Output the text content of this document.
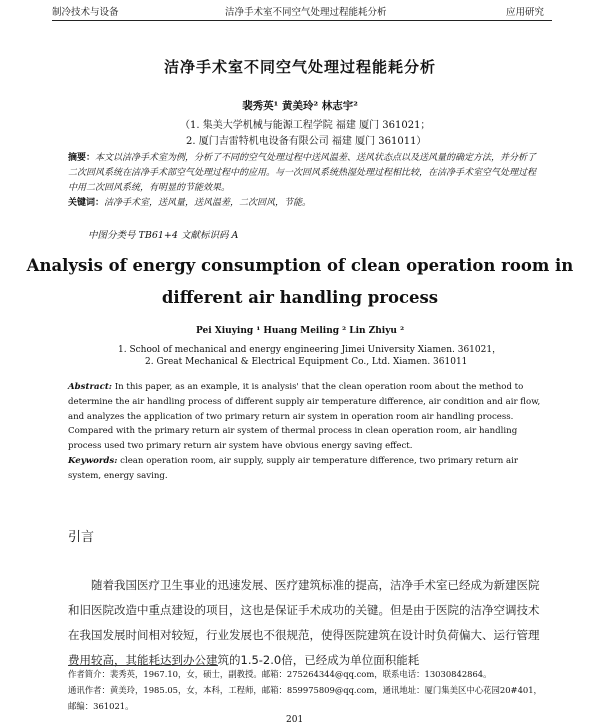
制冷技术与设备	洁净手术室不同空气处理过程能耗分析	应用研究
洁净手术室不同空气处理过程能耗分析
裴秀英¹ 黄美玲² 林志宇²
（1. 集美大学机械与能源工程学院 福建 厦门 361021；
2. 厦门吉雷特机电设备有限公司 福建 厦门 361011）
摘要：本文以洁净手术室为例，分析了不同的空气处理过程中送风温差、送风状态点以及送风量的确定方法，并分析了二次回风系统在洁净手术部空气处理过程中的应用。与一次回风系统热湿处理过程相比较，在洁净手术室空气处理过程中用二次回风系统，有明显的节能效果。
关键词：洁净手术室，送风量，送风温差，二次回风，节能。
中图分类号 TB61+4 文献标识码 A
Analysis of energy consumption of clean operation room in
different air handling process
Pei Xiuying ¹ Huang Meiling ² Lin Zhiyu ²
1. School of mechanical and energy engineering Jimei University Xiamen. 361021，
2. Great Mechanical & Electrical Equipment Co., Ltd. Xiamen. 361011
Abstract: In this paper, as an example, it is analysis' that the clean operation room about the method to determine the air handling process of different supply air temperature difference, air condition and air flow, and analyzes the application of two primary return air system in operation room air handling process. Compared with the primary return air system of thermal process in clean operation room, air handling process used two primary return air system have obvious energy saving effect.
Keywords: clean operation room, air supply, supply air temperature difference, two primary return air system, energy saving.
引言
随着我国医疗卫生事业的迅速发展、医疗建筑标准的提高，洁净手术室已经成为新建医院和旧医院改造中重点建设的项目，这也是保证手术成功的关键。但是由于医院的洁净空调技术在我国发展时间相对较短，行业发展也不很规范，使得医院建筑在设计时负荷偏大、运行管理费用较高，其能耗达到办公建筑的1.5-2.0倍，已经成为单位面积能耗
作者简介：裴秀英，1967.10，女，硕士，副教授。邮箱：275264344@qq.com，联系电话：13030842864。
通讯作者：黄美玲，1985.05，女，本科，工程师，邮箱：859975809@qq.com，通讯地址：厦门集美区中心花园20#401，
邮编：361021。
201
